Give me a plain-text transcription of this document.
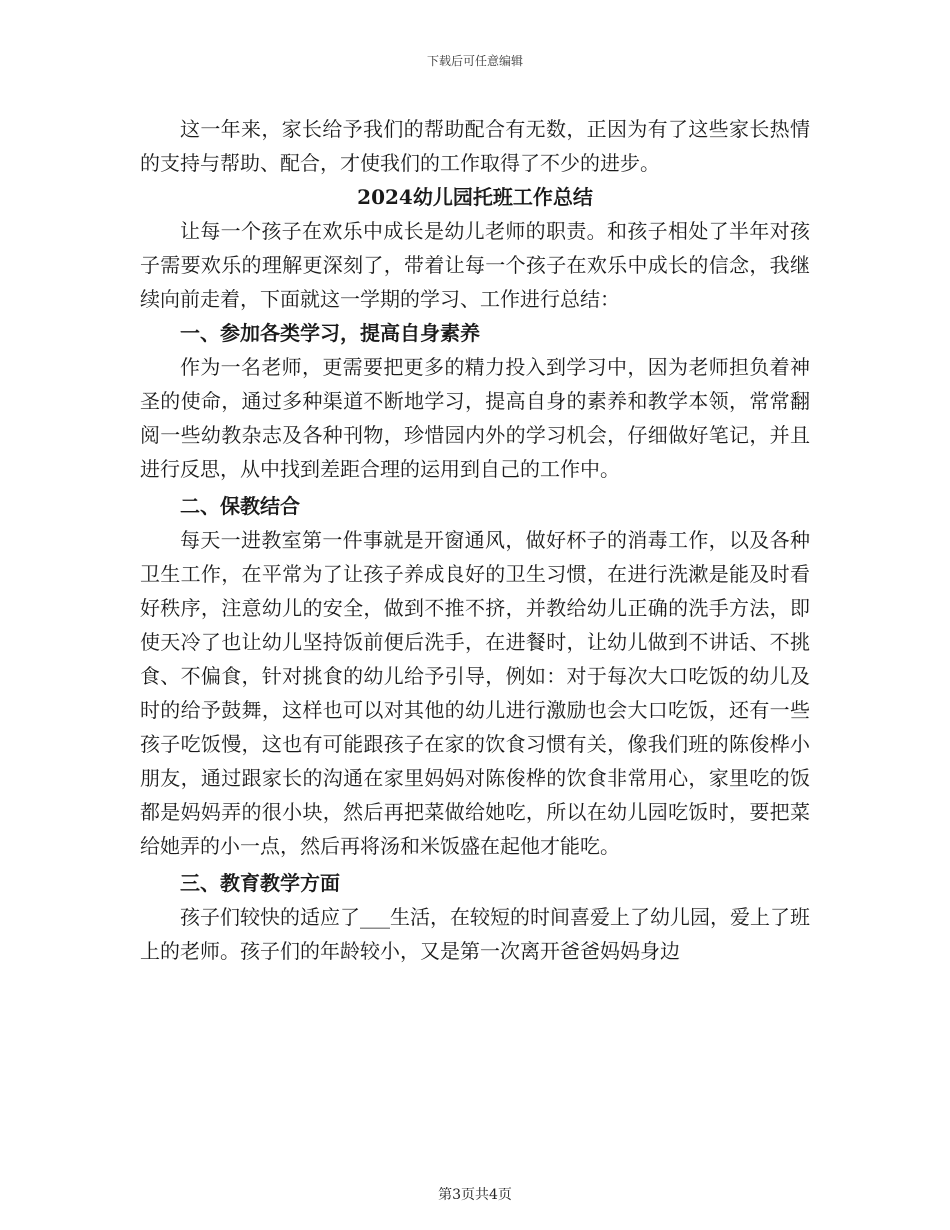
下载后可任意编辑

这一年来，家长给予我们的帮助配合有无数，正因为有了这些家长热情的支持与帮助、配合，才使我们的工作取得了不少的进步。

2024幼儿园托班工作总结

让每一个孩子在欢乐中成长是幼儿老师的职责。和孩子相处了半年对孩子需要欢乐的理解更深刻了，带着让每一个孩子在欢乐中成长的信念，我继续向前走着，下面就这一学期的学习、工作进行总结：

一、参加各类学习，提高自身素养

作为一名老师，更需要把更多的精力投入到学习中，因为老师担负着神圣的使命，通过多种渠道不断地学习，提高自身的素养和教学本领，常常翻阅一些幼教杂志及各种刊物，珍惜园内外的学习机会，仔细做好笔记，并且进行反思，从中找到差距合理的运用到自己的工作中。

二、保教结合

每天一进教室第一件事就是开窗通风，做好杯子的消毒工作，以及各种卫生工作，在平常为了让孩子养成良好的卫生习惯，在进行洗漱是能及时看好秩序，注意幼儿的安全，做到不推不挤，并教给幼儿正确的洗手方法，即使天冷了也让幼儿坚持饭前便后洗手，在进餐时，让幼儿做到不讲话、不挑食、不偏食，针对挑食的幼儿给予引导，例如：对于每次大口吃饭的幼儿及时的给予鼓舞，这样也可以对其他的幼儿进行激励也会大口吃饭，还有一些孩子吃饭慢，这也有可能跟孩子在家的饮食习惯有关，像我们班的陈俊桦小朋友，通过跟家长的沟通在家里妈妈对陈俊桦的饮食非常用心，家里吃的饭都是妈妈弄的很小块，然后再把菜做给她吃，所以在幼儿园吃饭时，要把菜给她弄的小一点，然后再将汤和米饭盛在起他才能吃。

三、教育教学方面

孩子们较快的适应了___生活，在较短的时间喜爱上了幼儿园，爱上了班上的老师。孩子们的年龄较小，又是第一次离开爸爸妈妈身边

第3页共4页
